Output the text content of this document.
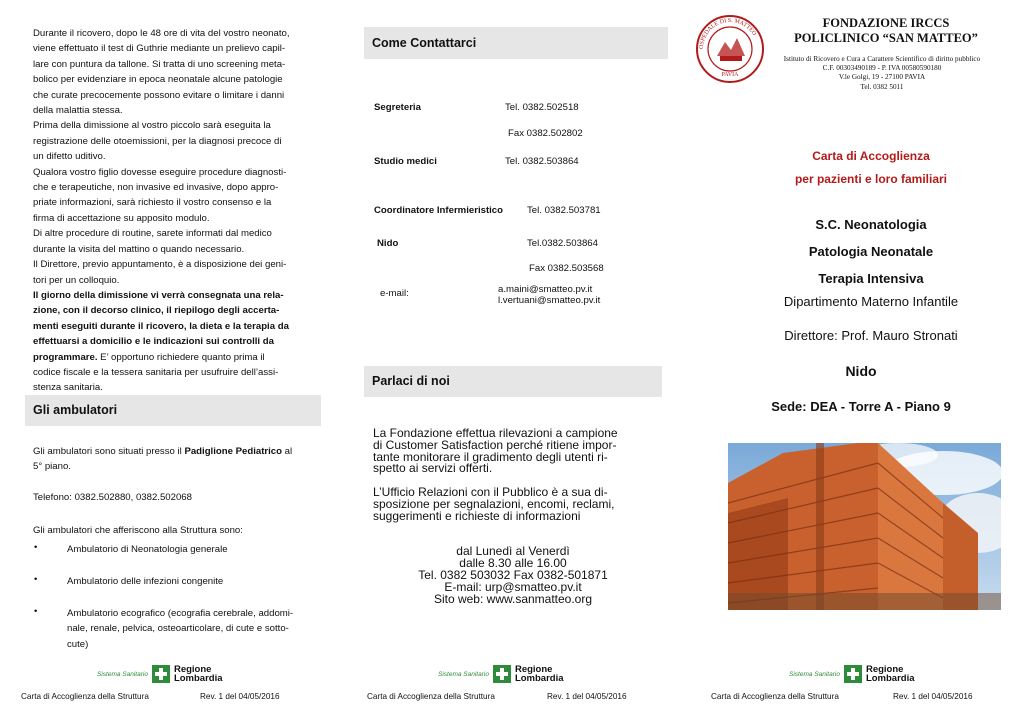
Durante il ricovero, dopo le 48 ore di vita del vostro neonato,
viene effettuato il test di Guthrie mediante un prelievo capil-
lare con puntura da tallone. Si tratta di uno screening meta-
bolico per evidenziare in epoca neonatale alcune patologie
che curate precocemente possono evitare o limitare i danni
della malattia stessa.
Prima della dimissione al vostro piccolo sarà eseguita la
registrazione delle otoemissioni, per la diagnosi precoce di
un difetto uditivo.
Qualora vostro figlio dovesse eseguire procedure diagnosti-
che e terapeutiche, non invasive ed invasive, dopo appro-
priate informazioni, sarà richiesto il vostro consenso e la
firma di accettazione su apposito modulo.
Di altre procedure di routine, sarete informati dal medico
durante la visita del mattino o quando necessario.
Il Direttore, previo appuntamento, è a disposizione dei geni-
tori per un colloquio.
Il giorno della dimissione vi verrà consegnata una rela-
zione, con il decorso clinico, il riepilogo degli accerta-
menti eseguiti durante il ricovero, la dieta e la terapia da
effettuarsi a domicilio e le indicazioni sui controlli da
programmare. E’ opportuno richiedere quanto prima il
codice fiscale e la tessera sanitaria per usufruire dell’assi-
stenza sanitaria.
Gli ambulatori
Gli ambulatori sono situati presso il Padiglione Pediatrico al
5° piano.
Telefono: 0382.502880, 0382.502068
Gli ambulatori che afferiscono alla Struttura sono:
•	Ambulatorio di Neonatologia generale
•	Ambulatorio delle infezioni congenite
•	Ambulatorio ecografico (ecografia cerebrale, addomi-
nale, renale, pelvica, osteoarticolare, di cute e sotto-
cute)
Come Contattarci
Segreteria	Tel. 0382.502518
Fax 0382.502802
Studio medici	Tel. 0382.503864
Coordinatore Infermieristico Tel. 0382.503781
Nido	Tel.0382.503864
Fax 0382.503568
e-mail:	a.maini@smatteo.pv.it
l.vertuani@smatteo.pv.it
Parlaci di noi
La Fondazione effettua rilevazioni a campione
di Customer Satisfaction perché ritiene impor-
tante monitorare il gradimento degli utenti ri-
spetto ai servizi offerti.
L’Ufficio Relazioni con il Pubblico è a sua di-
sposizione per segnalazioni, encomi, reclami,
suggerimenti e richieste di informazioni
dal Lunedì al Venerdì
dalle 8.30 alle 16.00
Tel. 0382 503032 Fax 0382-501871
E-mail: urp@smatteo.pv.it
Sito web: www.sanmatteo.org
OSPEDALE DI S. MATTEO
PAVIA
FONDAZIONE IRCCS
POLICLINICO “SAN MATTEO”
Istituto di Ricovero e Cura a Carattere Scientifico di diritto pubblico
C.F. 00303490189 - P. IVA 00580590180
V.le Golgi, 19 - 27100 PAVIA
Tel. 0382 5011
Carta di Accoglienza
per pazienti e loro familiari
S.C. Neonatologia
Patologia Neonatale
Terapia Intensiva
Dipartimento Materno Infantile
Direttore: Prof. Mauro Stronati
Nido
Sede: DEA - Torre A - Piano 9
Sistema Sanitario	Regione
Lombardia	Sistema Sanitario	Regione
Lombardia	Sistema Sanitario	Regione
Lombardia
Carta di Accoglienza della Struttura	Rev. 1 del 04/05/2016	Carta di Accoglienza della Struttura	Rev. 1 del 04/05/2016	Carta di Accoglienza della Struttura	Rev. 1 del 04/05/2016
